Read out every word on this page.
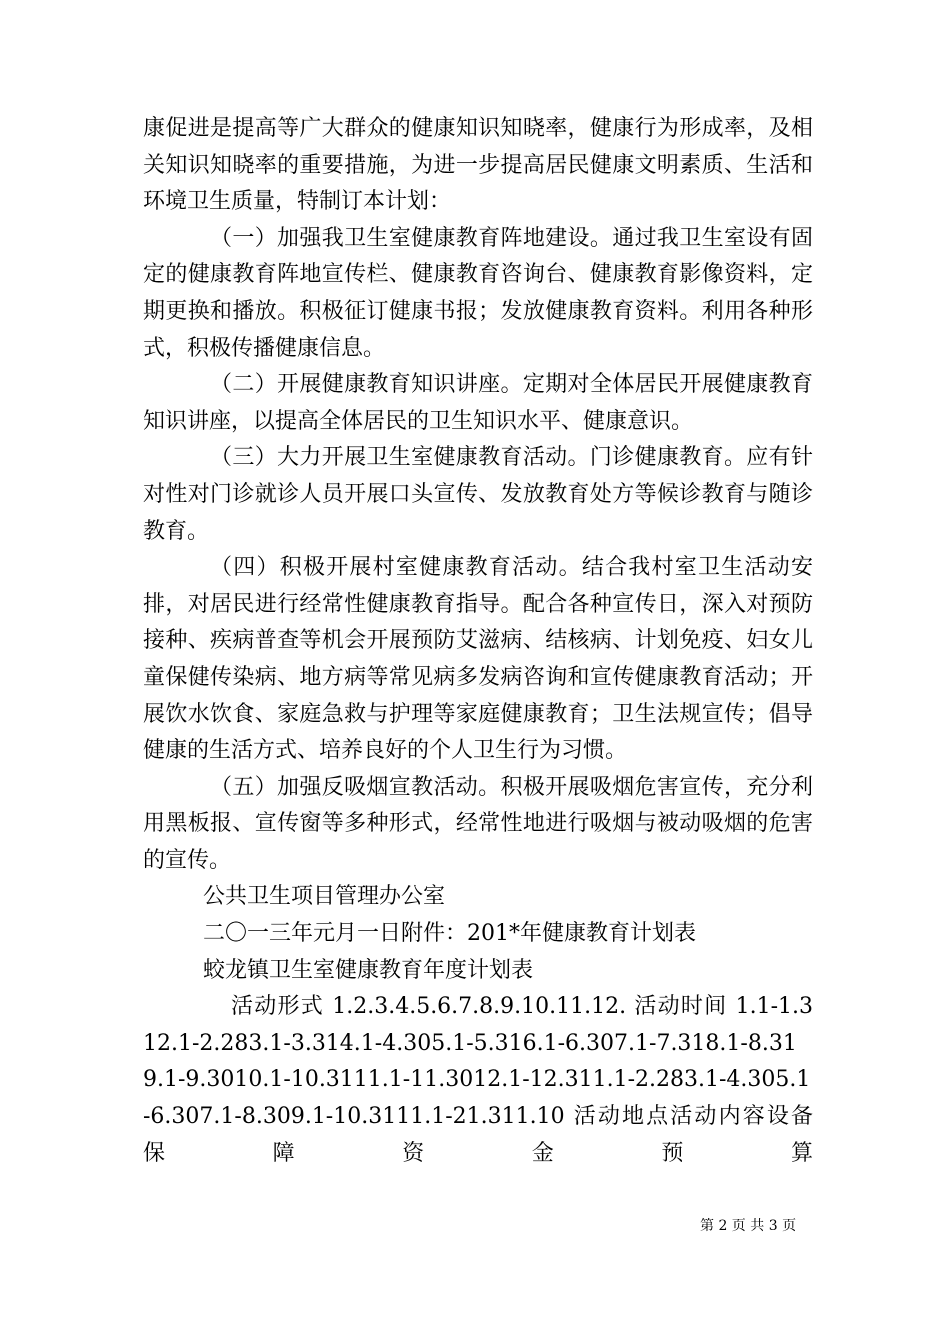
康促进是提高等广大群众的健康知识知晓率，健康行为形成率，及相关知识知晓率的重要措施，为进一步提高居民健康文明素质、生活和环境卫生质量，特制订本计划：

（一）加强我卫生室健康教育阵地建设。通过我卫生室设有固定的健康教育阵地宣传栏、健康教育咨询台、健康教育影像资料，定期更换和播放。积极征订健康书报；发放健康教育资料。利用各种形式，积极传播健康信息。

（二）开展健康教育知识讲座。定期对全体居民开展健康教育知识讲座，以提高全体居民的卫生知识水平、健康意识。

（三）大力开展卫生室健康教育活动。门诊健康教育。应有针对性对门诊就诊人员开展口头宣传、发放教育处方等候诊教育与随诊教育。

（四）积极开展村室健康教育活动。结合我村室卫生活动安排，对居民进行经常性健康教育指导。配合各种宣传日，深入对预防接种、疾病普查等机会开展预防艾滋病、结核病、计划免疫、妇女儿童保健传染病、地方病等常见病多发病咨询和宣传健康教育活动；开展饮水饮食、家庭急救与护理等家庭健康教育；卫生法规宣传；倡导健康的生活方式、培养良好的个人卫生行为习惯。

（五）加强反吸烟宣教活动。积极开展吸烟危害宣传，充分利用黑板报、宣传窗等多种形式，经常性地进行吸烟与被动吸烟的危害的宣传。

公共卫生项目管理办公室

二〇一三年元月一日附件：201*年健康教育计划表

蛟龙镇卫生室健康教育年度计划表

活动形式 1.2.3.4.5.6.7.8.9.10.11.12. 活动时间 1.1-1.312.1-2.283.1-3.314.1-4.305.1-5.316.1-6.307.1-7.318.1-8.319.1-9.3010.1-10.3111.1-11.3012.1-12.311.1-2.283.1-4.305.1-6.307.1-8.309.1-10.3111.1-21.311.10 活动地点活动内容设备保障资金预算

第 2 页 共 3 页
